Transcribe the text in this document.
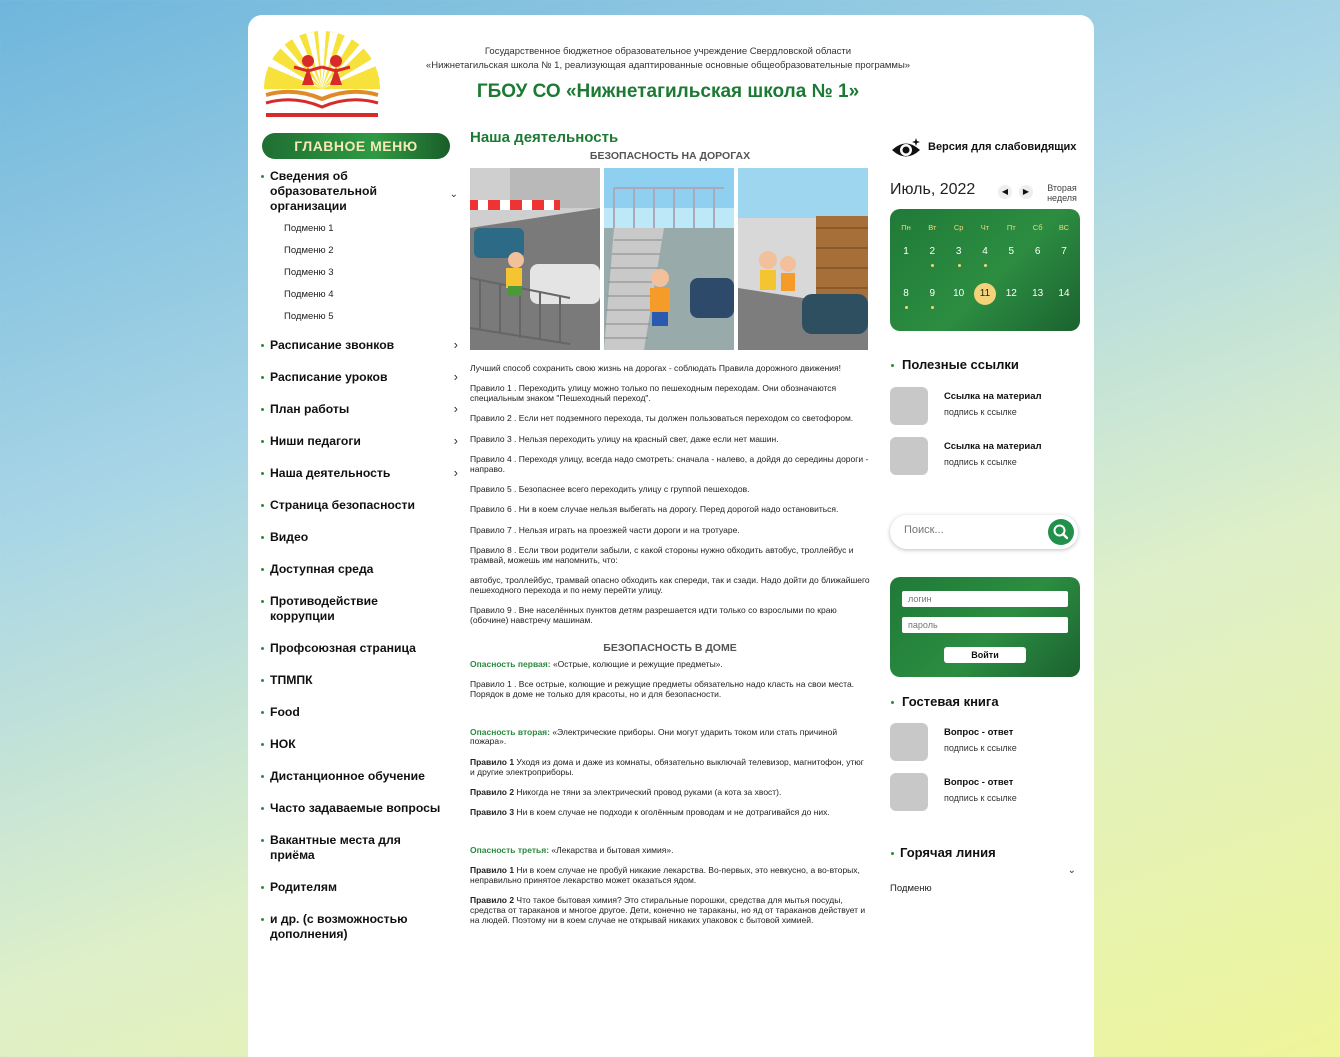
Государственное бюджетное образовательное учреждение Свердловской области
«Нижнетагильская школа № 1, реализующая адаптированные основные общеобразовательные программы»
ГБОУ СО «Нижнетагильская школа № 1»
ГЛАВНОЕ МЕНЮ
Сведения об образовательной организации
⌄
Подменю 1
Подменю 2
Подменю 3
Подменю 4
Подменю 5
Расписание звонков	›
Расписание уроков	›
План работы	›
Ниши педагоги	›
Наша деятельность	›
Страница безопасности
Видео
Доступная среда
Противодействие коррупции
Профсоюзная страница
ТПМПК
Food
НОК
Дистанционное обучение
Часто задаваемые вопросы
Вакантные места для приёма
Родителям
и др. (с возможностью дополнения)
Наша деятельность
БЕЗОПАСНОСТЬ НА ДОРОГАХ
Лучший способ сохранить свою жизнь на дорогах - соблюдать Правила дорожного движения!
Правило 1 . Переходить улицу можно только по пешеходным переходам. Они обозначаются специальным знаком "Пешеходный переход".
Правило 2 . Если нет подземного перехода, ты должен пользоваться переходом со светофором.
Правило 3 . Нельзя переходить улицу на красный свет, даже если нет машин.
Правило 4 . Переходя улицу, всегда надо смотреть: сначала - налево, а дойдя до середины дороги - направо.
Правило 5 . Безопаснее всего переходить улицу с группой пешеходов.
Правило 6 . Ни в коем случае нельзя выбегать на дорогу. Перед дорогой надо остановиться.
Правило 7 . Нельзя играть на проезжей части дороги и на тротуаре.
Правило 8 . Если твои родители забыли, с какой стороны нужно обходить автобус, троллейбус и трамвай, можешь им напомнить, что:
автобус, троллейбус, трамвай опасно обходить как спереди, так и сзади. Надо дойти до ближайшего пешеходного перехода и по нему перейти улицу.
Правило 9 . Вне населённых пунктов детям разрешается идти только со взрослыми по краю (обочине) навстречу машинам.
БЕЗОПАСНОСТЬ В ДОМЕ
Опасность первая: «Острые, колющие и режущие предметы».
Правило 1 . Все острые, колющие и режущие предметы обязательно надо класть на свои места. Порядок в доме не только для красоты, но и для безопасности.
Опасность вторая: «Электрические приборы. Они могут ударить током или стать причиной пожара».
Правило 1 Уходя из дома и даже из комнаты, обязательно выключай телевизор, магнитофон, утюг и другие электроприборы.
Правило 2 Никогда не тяни за электрический провод руками (а кота за хвост).
Правило 3 Ни в коем случае не подходи к оголённым проводам и не дотрагивайся до них.
Опасность третья: «Лекарства и бытовая химия».
Правило 1 Ни в коем случае не пробуй никакие лекарства. Во-первых, это невкусно, а во-вторых, неправильно принятое лекарство может оказаться ядом.
Правило 2 Что такое бытовая химия? Это стиральные порошки, средства для мытья посуды, средства от тараканов и многое другое. Дети, конечно не тараканы, но яд от тараканов действует и на людей. Поэтому ни в коем случае не открывай никаких упаковок с бытовой химией.
Версия для слабовидящих
Июль, 2022	◀	▶	Вторая
неделя
Пн	Вт	Ср	Чт	Пт	Сб	ВС
1	2	3	4	5	6	7
8	9	10	11	12	13	14
Полезные ссылки
Ссылка на материал
подпись к ссылке
Ссылка на материал
подпись к ссылке
Поиск...
логин
Войти
Гостевая книга
Вопрос - ответ
подпись к ссылке
Вопрос - ответ
подпись к ссылке
Горячая линия
⌄
Подменю
